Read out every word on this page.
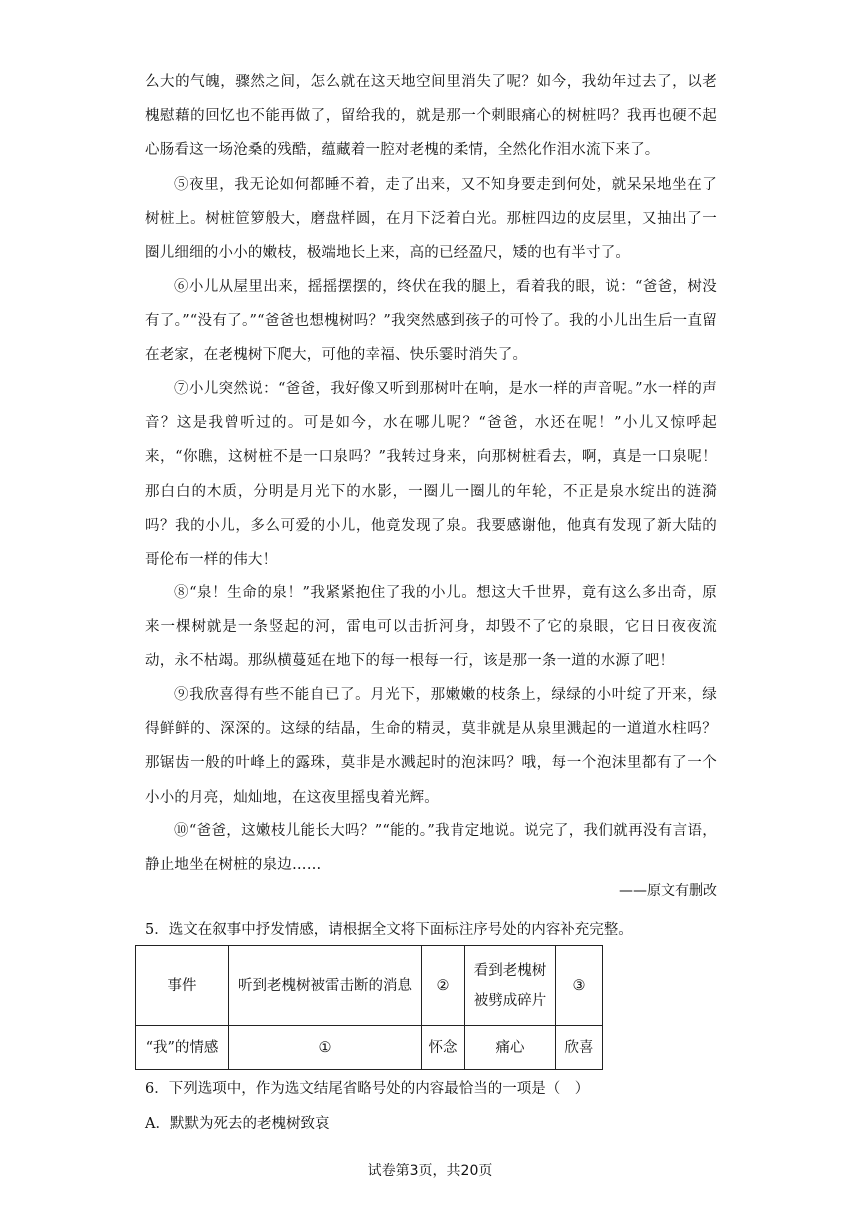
么大的气魄，骤然之间，怎么就在这天地空间里消失了呢？如今，我幼年过去了，以老槐慰藉的回忆也不能再做了，留给我的，就是那一个刺眼痛心的树桩吗？我再也硬不起心肠看这一场沧桑的残酷，蕴藏着一腔对老槐的柔情，全然化作泪水流下来了。

⑤夜里，我无论如何都睡不着，走了出来，又不知身要走到何处，就呆呆地坐在了树桩上。树桩笸箩般大，磨盘样圆，在月下泛着白光。那桩四边的皮层里，又抽出了一圈儿细细的小小的嫩枝，极端地长上来，高的已经盈尺，矮的也有半寸了。

⑥小儿从屋里出来，摇摇摆摆的，终伏在我的腿上，看着我的眼，说：“爸爸，树没有了。”“没有了。”“爸爸也想槐树吗？”我突然感到孩子的可怜了。我的小儿出生后一直留在老家，在老槐树下爬大，可他的幸福、快乐霎时消失了。

⑦小儿突然说：“爸爸，我好像又听到那树叶在响，是水一样的声音呢。”水一样的声音？这是我曾听过的。可是如今，水在哪儿呢？“爸爸，水还在呢！”小儿又惊呼起来，“你瞧，这树桩不是一口泉吗？”我转过身来，向那树桩看去，啊，真是一口泉呢！那白白的木质，分明是月光下的水影，一圈儿一圈儿的年轮，不正是泉水绽出的涟漪吗？我的小儿，多么可爱的小儿，他竟发现了泉。我要感谢他，他真有发现了新大陆的哥伦布一样的伟大！

⑧“泉！生命的泉！”我紧紧抱住了我的小儿。想这大千世界，竟有这么多出奇，原来一棵树就是一条竖起的河，雷电可以击折河身，却毁不了它的泉眼，它日日夜夜流动，永不枯竭。那纵横蔓延在地下的每一根每一行，该是那一条一道的水源了吧！

⑨我欣喜得有些不能自已了。月光下，那嫩嫩的枝条上，绿绿的小叶绽了开来，绿得鲜鲜的、深深的。这绿的结晶，生命的精灵，莫非就是从泉里溅起的一道道水柱吗？那锯齿一般的叶峰上的露珠，莫非是水溅起时的泡沫吗？哦，每一个泡沫里都有了一个小小的月亮，灿灿地，在这夜里摇曳着光辉。

⑩“爸爸，这嫩枝儿能长大吗？”“能的。”我肯定地说。说完了，我们就再没有言语，静止地坐在树桩的泉边……

——原文有删改

5．选文在叙事中抒发情感，请根据全文将下面标注序号处的内容补充完整。

事件	听到老槐树被雷击断的消息	②	看到老槐树被劈成碎片	③
“我”的情感	①	怀念	痛心	欣喜

6．下列选项中，作为选文结尾省略号处的内容最恰当的一项是（　）

A．默默为死去的老槐树致哀

试卷第3页，共20页
